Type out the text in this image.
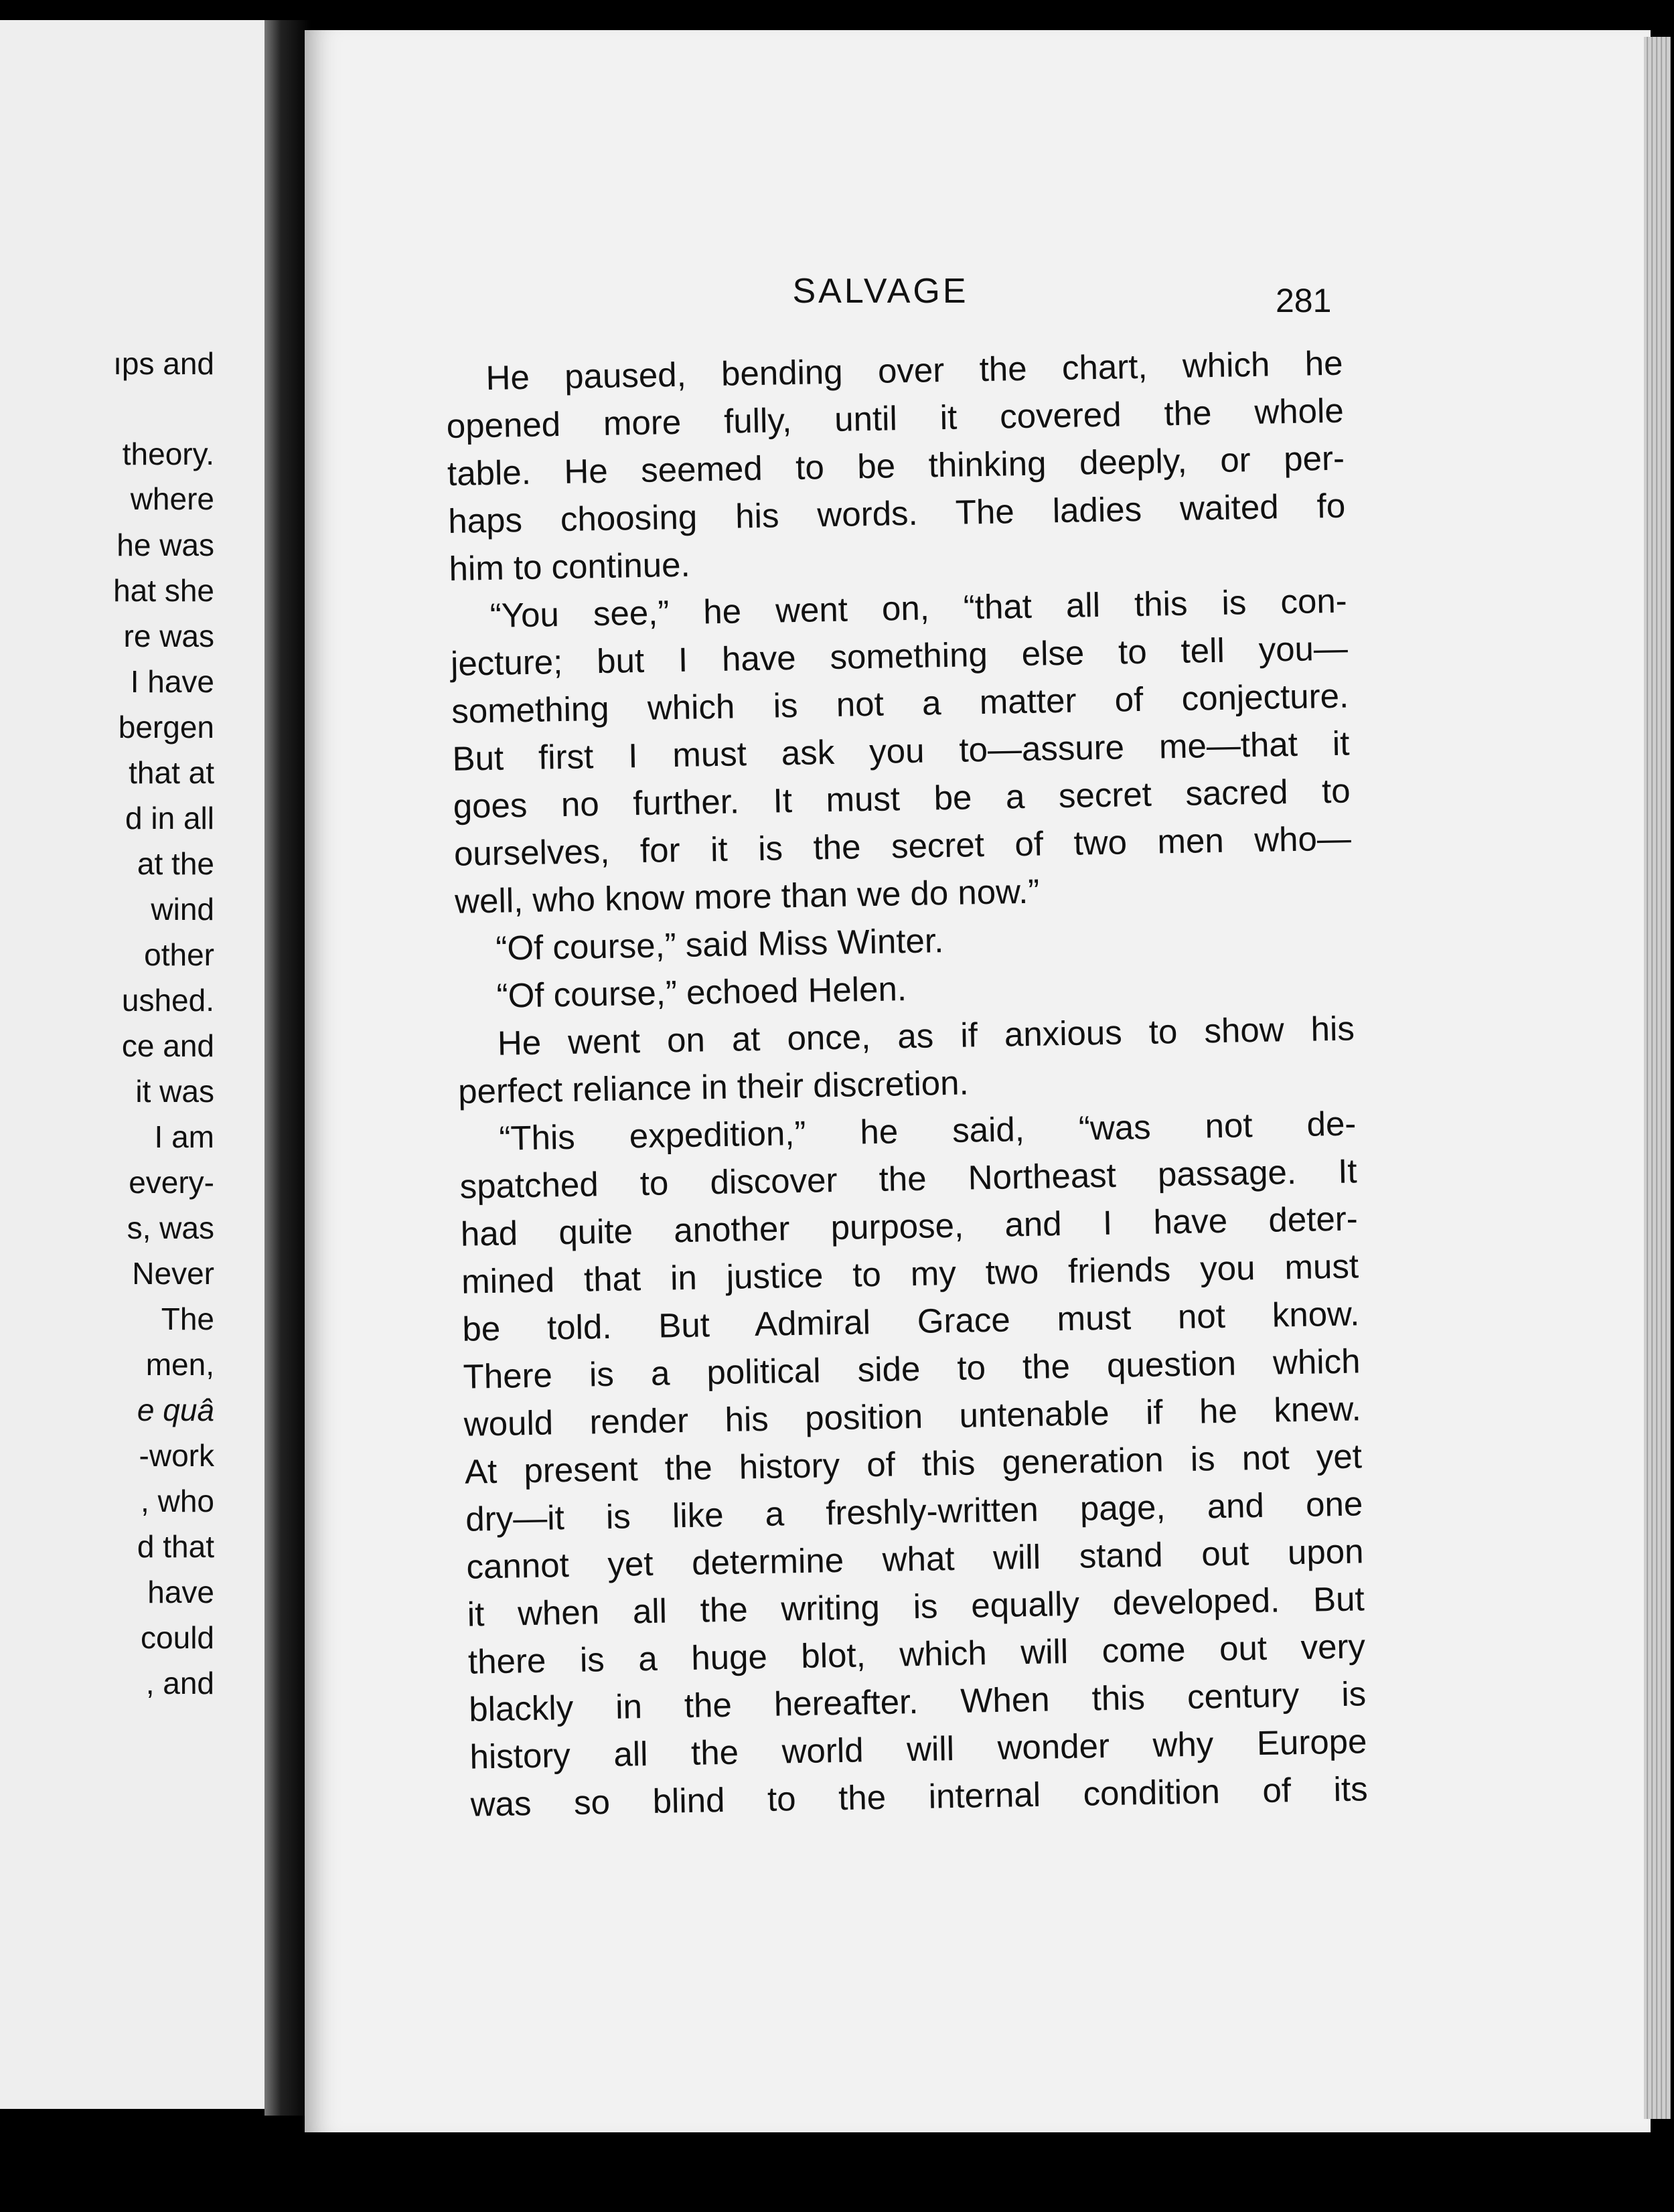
ıps and

theory.

where

he was

hat she

re was

I have

bergen

that at

d in all

at the

wind

other

ushed.

ce and

it was

I am

every-

s, was

Never

The

men,

e quâ

-work

, who

d that

have

could

, and

SALVAGE	281

He paused, bending over the chart, which he
opened more fully, until it covered the whole
table. He seemed to be thinking deeply, or per-
haps choosing his words. The ladies waited fo
him to continue.
“You see,” he went on, “that all this is con-
jecture; but I have something else to tell you—
something which is not a matter of conjecture.
But first I must ask you to—assure me—that it
goes no further. It must be a secret sacred to
ourselves, for it is the secret of two men who—
well, who know more than we do now.”
“Of course,” said Miss Winter.
“Of course,” echoed Helen.
He went on at once, as if anxious to show his
perfect reliance in their discretion.
“This expedition,” he said, “was not de-
spatched to discover the Northeast passage. It
had quite another purpose, and I have deter-
mined that in justice to my two friends you must
be told. But Admiral Grace must not know.
There is a political side to the question which
would render his position untenable if he knew.
At present the history of this generation is not yet
dry—it is like a freshly-written page, and one
cannot yet determine what will stand out upon
it when all the writing is equally developed. But
there is a huge blot, which will come out very
blackly in the hereafter. When this century is
history all the world will wonder why Europe
was so blind to the internal condition of its
